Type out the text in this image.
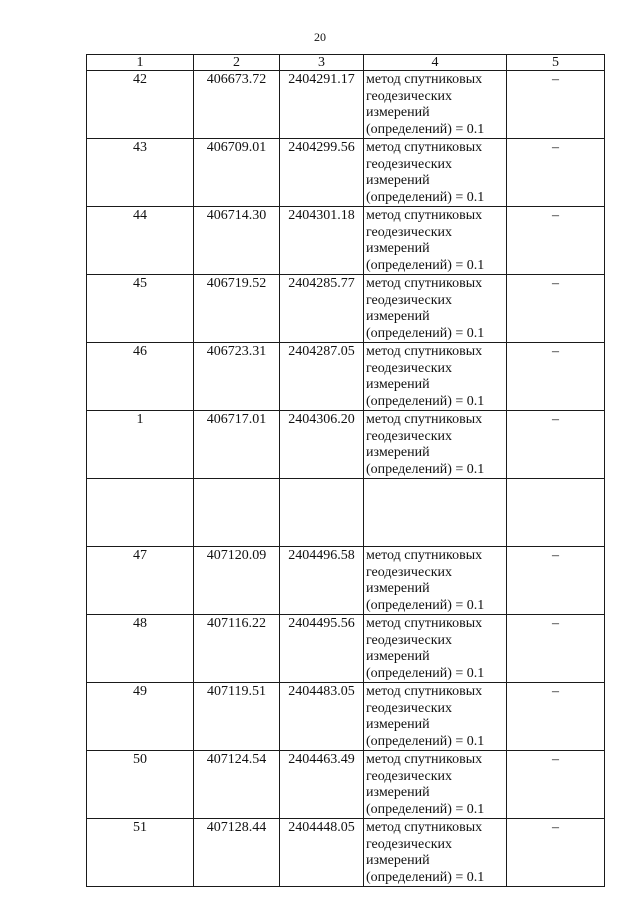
20
1	2	3	4	5
42	406673.72	2404291.17	метод спутниковых геодезических измерений (определений) = 0.1	–
43	406709.01	2404299.56	метод спутниковых геодезических измерений (определений) = 0.1	–
44	406714.30	2404301.18	метод спутниковых геодезических измерений (определений) = 0.1	–
45	406719.52	2404285.77	метод спутниковых геодезических измерений (определений) = 0.1	–
46	406723.31	2404287.05	метод спутниковых геодезических измерений (определений) = 0.1	–
1	406717.01	2404306.20	метод спутниковых геодезических измерений (определений) = 0.1	–

47	407120.09	2404496.58	метод спутниковых геодезических измерений (определений) = 0.1	–
48	407116.22	2404495.56	метод спутниковых геодезических измерений (определений) = 0.1	–
49	407119.51	2404483.05	метод спутниковых геодезических измерений (определений) = 0.1	–
50	407124.54	2404463.49	метод спутниковых геодезических измерений (определений) = 0.1	–
51	407128.44	2404448.05	метод спутниковых геодезических измерений (определений) = 0.1	–
